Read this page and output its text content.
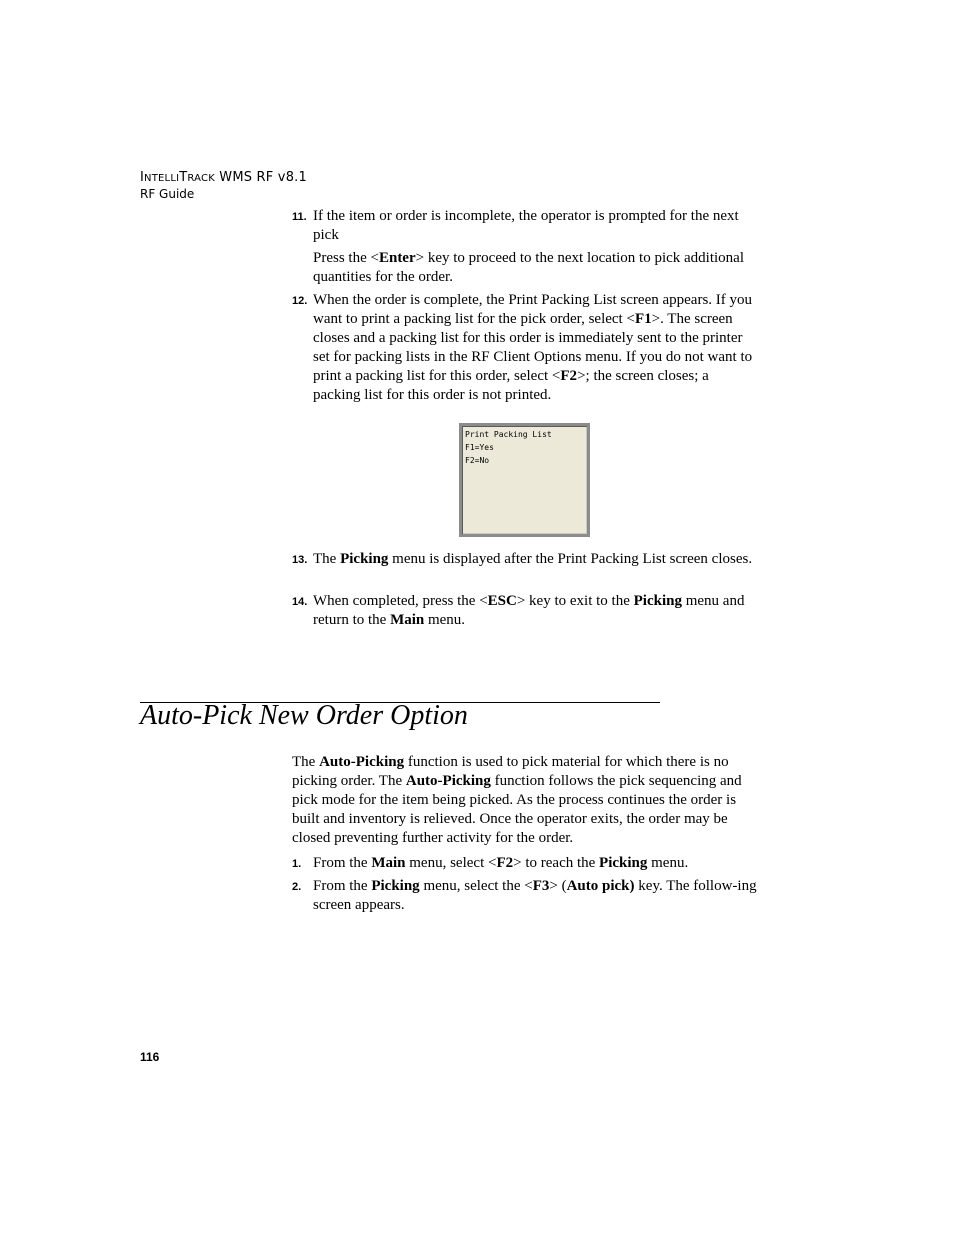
INTELLITRACK WMS RF v8.1
RF Guide
11. If the item or order is incomplete, the operator is prompted for the next pick
Press the <Enter> key to proceed to the next location to pick additional quantities for the order.
12. When the order is complete, the Print Packing List screen appears. If you want to print a packing list for the pick order, select <F1>. The screen closes and a packing list for this order is immediately sent to the printer set for packing lists in the RF Client Options menu. If you do not want to print a packing list for this order, select <F2>; the screen closes; a packing list for this order is not printed.
Print Packing List
F1=Yes
F2=No
13. The Picking menu is displayed after the Print Packing List screen closes.
14. When completed, press the <ESC> key to exit to the Picking menu and return to the Main menu.
Auto-Pick New Order Option
The Auto-Picking function is used to pick material for which there is no picking order. The Auto-Picking function follows the pick sequencing and pick mode for the item being picked. As the process continues the order is built and inventory is relieved. Once the operator exits, the order may be closed preventing further activity for the order.
1. From the Main menu, select <F2> to reach the Picking menu.
2. From the Picking menu, select the <F3> (Auto pick) key. The follow-ing screen appears.
116
